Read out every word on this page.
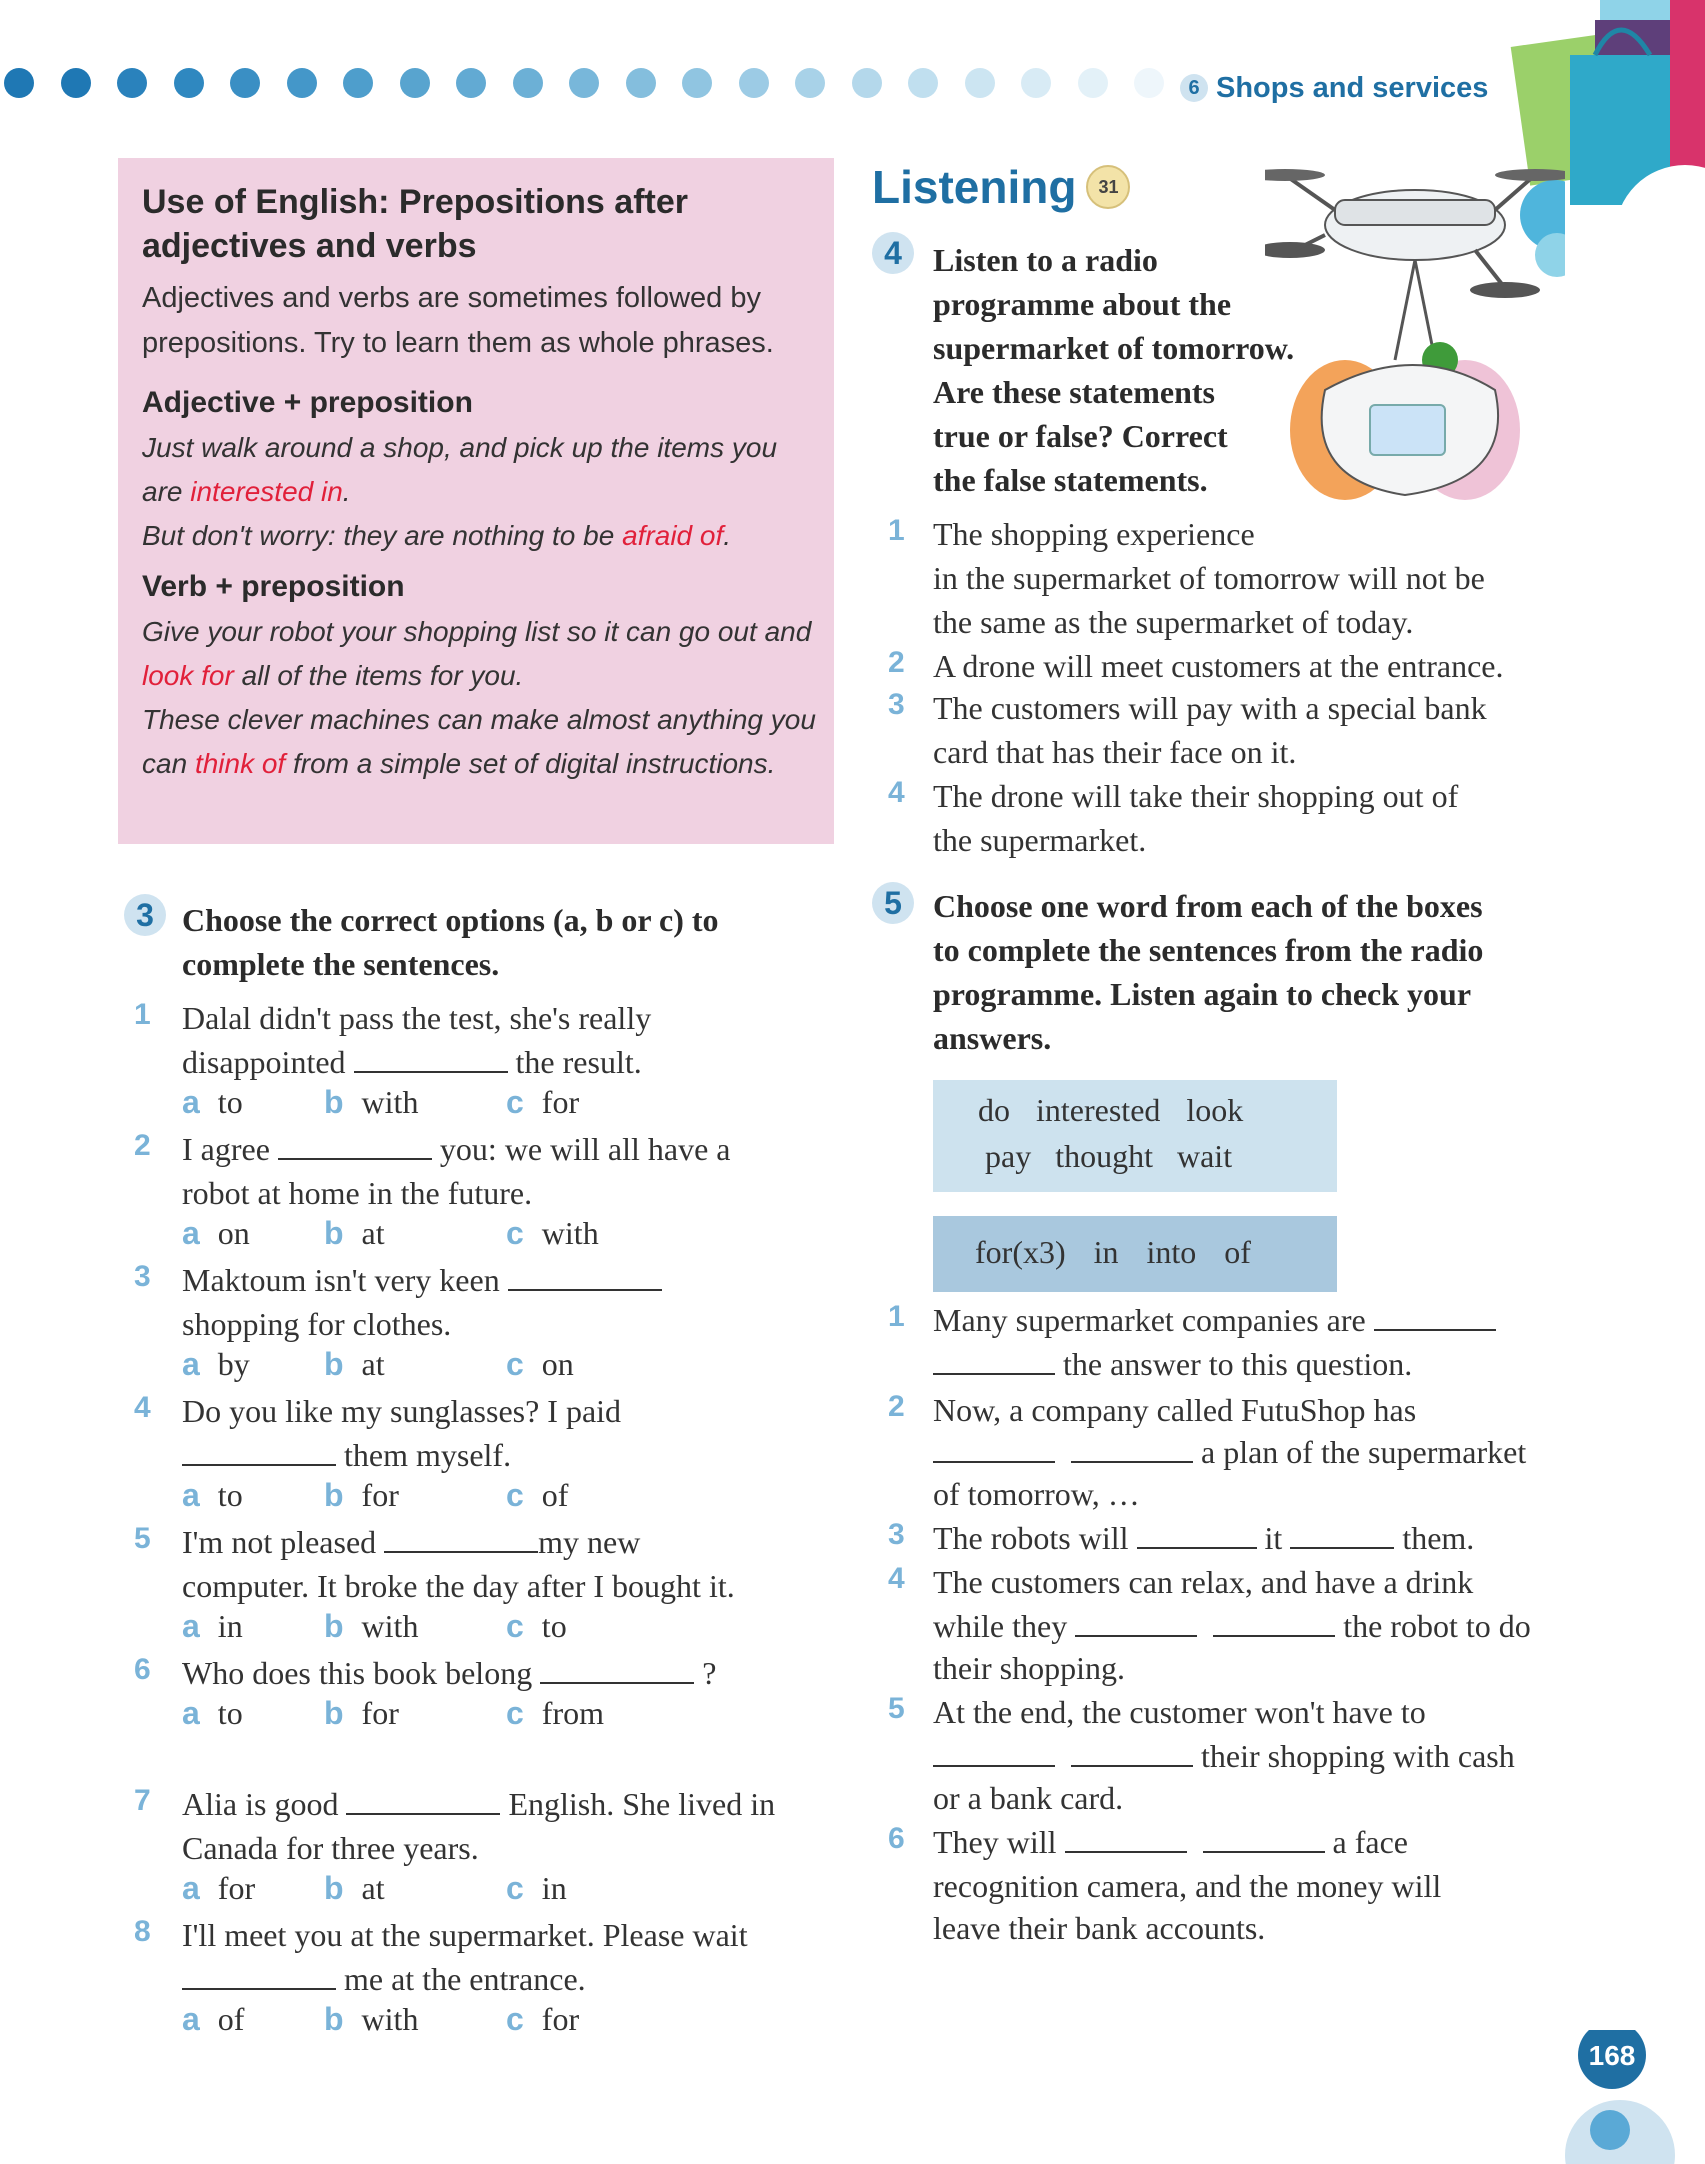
6 Shops and services
Use of English: Prepositions after adjectives and verbs
Adjectives and verbs are sometimes followed by prepositions. Try to learn them as whole phrases.
Adjective + preposition
Just walk around a shop, and pick up the items you are interested in.
But don't worry: they are nothing to be afraid of.
Verb + preposition
Give your robot your shopping list so it can go out and look for all of the items for you.
These clever machines can make almost anything you can think of from a simple set of digital instructions.
3 Choose the correct options (a, b or c) to complete the sentences.
1 Dalal didn't pass the test, she's really
disappointed	the result.
a to	b with	c for
2 I agree	you: we will all have a
robot at home in the future.
a on b at	c with
3 Maktoum isn't very keen
shopping for clothes.
a by b at	c on
4 Do you like my sunglasses? I paid
them myself.
a to	b for	c of
5 I'm not pleased	my new
computer. It broke the day after I bought it.
a in	b with	c to
6 Who does this book belong	?
a to	b for	c from
7 Alia is good	English. She lived in
Canada for three years.
a for b at	c in
8 I'll meet you at the supermarket. Please wait
me at the entrance.
a of b with	c for
Listening 31
4 Listen to a radio
programme about the
supermarket of tomorrow.
Are these statements
true or false? Correct
the false statements.
1 The shopping experience
in the supermarket of tomorrow will not be
the same as the supermarket of today.
2 A drone will meet customers at the entrance.
3 The customers will pay with a special bank
card that has their face on it.
4 The drone will take their shopping out of
the supermarket.
5 Choose one word from each of the boxes
to complete the sentences from the radio
programme. Listen again to check your
answers.
do interested look
pay thought wait
for(x3) in into of
1 Many supermarket companies are
the answer to this question.
2 Now, a company called FutuShop has
a plan of the supermarket
of tomorrow, …
3 The robots will	it	them.
4 The customers can relax, and have a drink
while they	the robot to do
their shopping.
5 At the end, the customer won't have to
their shopping with cash
or a bank card.
6 They will	a face
recognition camera, and the money will
leave their bank accounts.
168
